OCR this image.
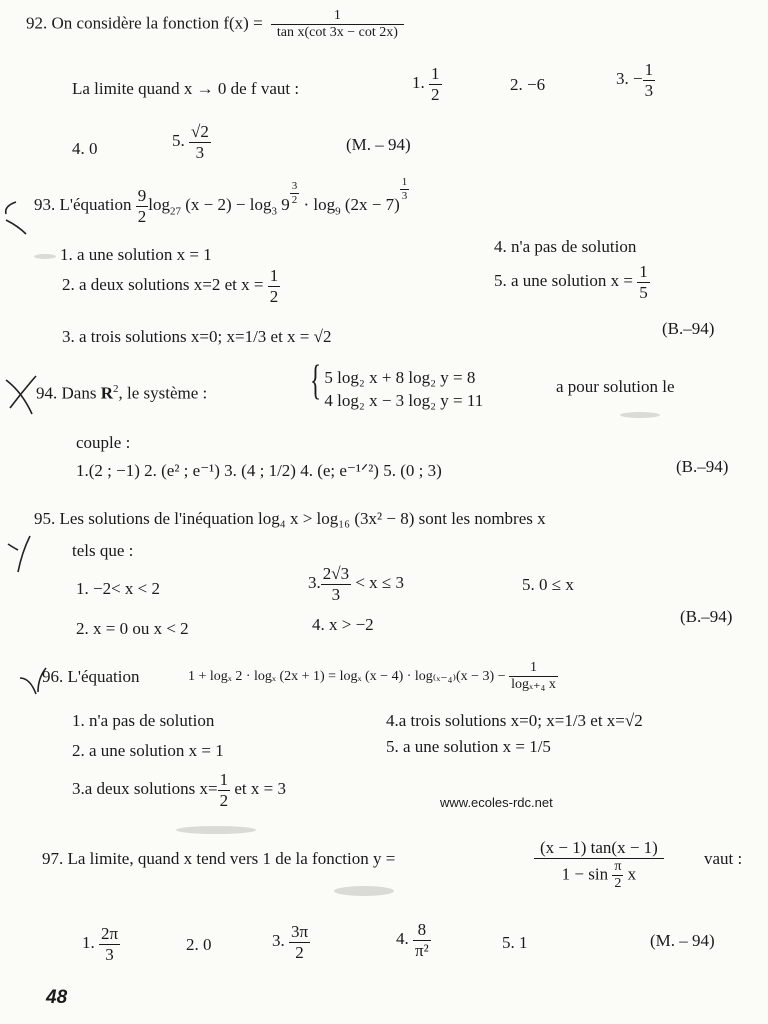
92. On considère la fonction $f(x) = \frac{1}{\text{tan x(cot 3x − cot 2x)}}$
La limite quand x → 0 de f vaut :	1. $\frac{1}{2}$	2. −6	3. − $\frac{1}{3}$
4. 0	5. $\frac{√2}{3}$	(M. – 94)
93. L'équation $\frac{9}{2} \log_{27} (x - 2) - \log_3 9 \frac{3}{2} \cdot \log_9 (2x - 7)$
$\frac{1}{3}$
1. a une solution x = 1
2. a deux solutions x=2 et $x = \frac{1}{2}$
3. a trois solutions x=0; x=1/3 et x = √2
4. n'a pas de solution
5. a une solution $x = \frac{1}{5}$
(B.–94)
94. Dans $R^2$, le système : { 5 log₂ x + 8 log₂ y = 8
4 log₂ x − 3 log₂ y = 11
a pour solution le
couple :
1.(2 ; −1) 2. (e² ; e⁻¹) 3. (4 ; 1/2) 4. (e; e⁻¹ᐟ²) 5. (0 ; 3)	(B.–94)
95. Les solutions de l'inéquation log₄ x > log₁₆ (3x² − 8) sont les nombres x
tels que :
1. −2< x < 2
2. x = 0 ou x < 2
3. $\frac{2√3}{3} < x \le 3$
4. x > −2
5. 0 ≤ x
(B.–94)
96. L'équation	1 + logₓ 2 · logₓ (2x + 1) = logₓ $(x - 4) \cdot \log_{(x-4)}(x - 3) - \frac{1}{\text{logₓ₊₄ x}}$
1. n'a pas de solution
2. a une solution x = 1
3.a deux solutions $x= \frac{1}{2}$ et x = 3
4.a trois solutions x=0; x=1/3 et x=√2
5. a une solution x = 1/5
www.ecoles-rdc.net
97. La limite, quand x tend vers 1 de la fonction y =	$\frac{(x - 1) \tan(x - 1)}{1 - \sin \frac{\pi}{2} x}$ vaut :
1. $\frac{2\pi}{3}$	2. 0	3. $\frac{3\pi}{2}$	4. $\frac{8}{\text{π²}}$	5. 1	(M. – 94)
48
